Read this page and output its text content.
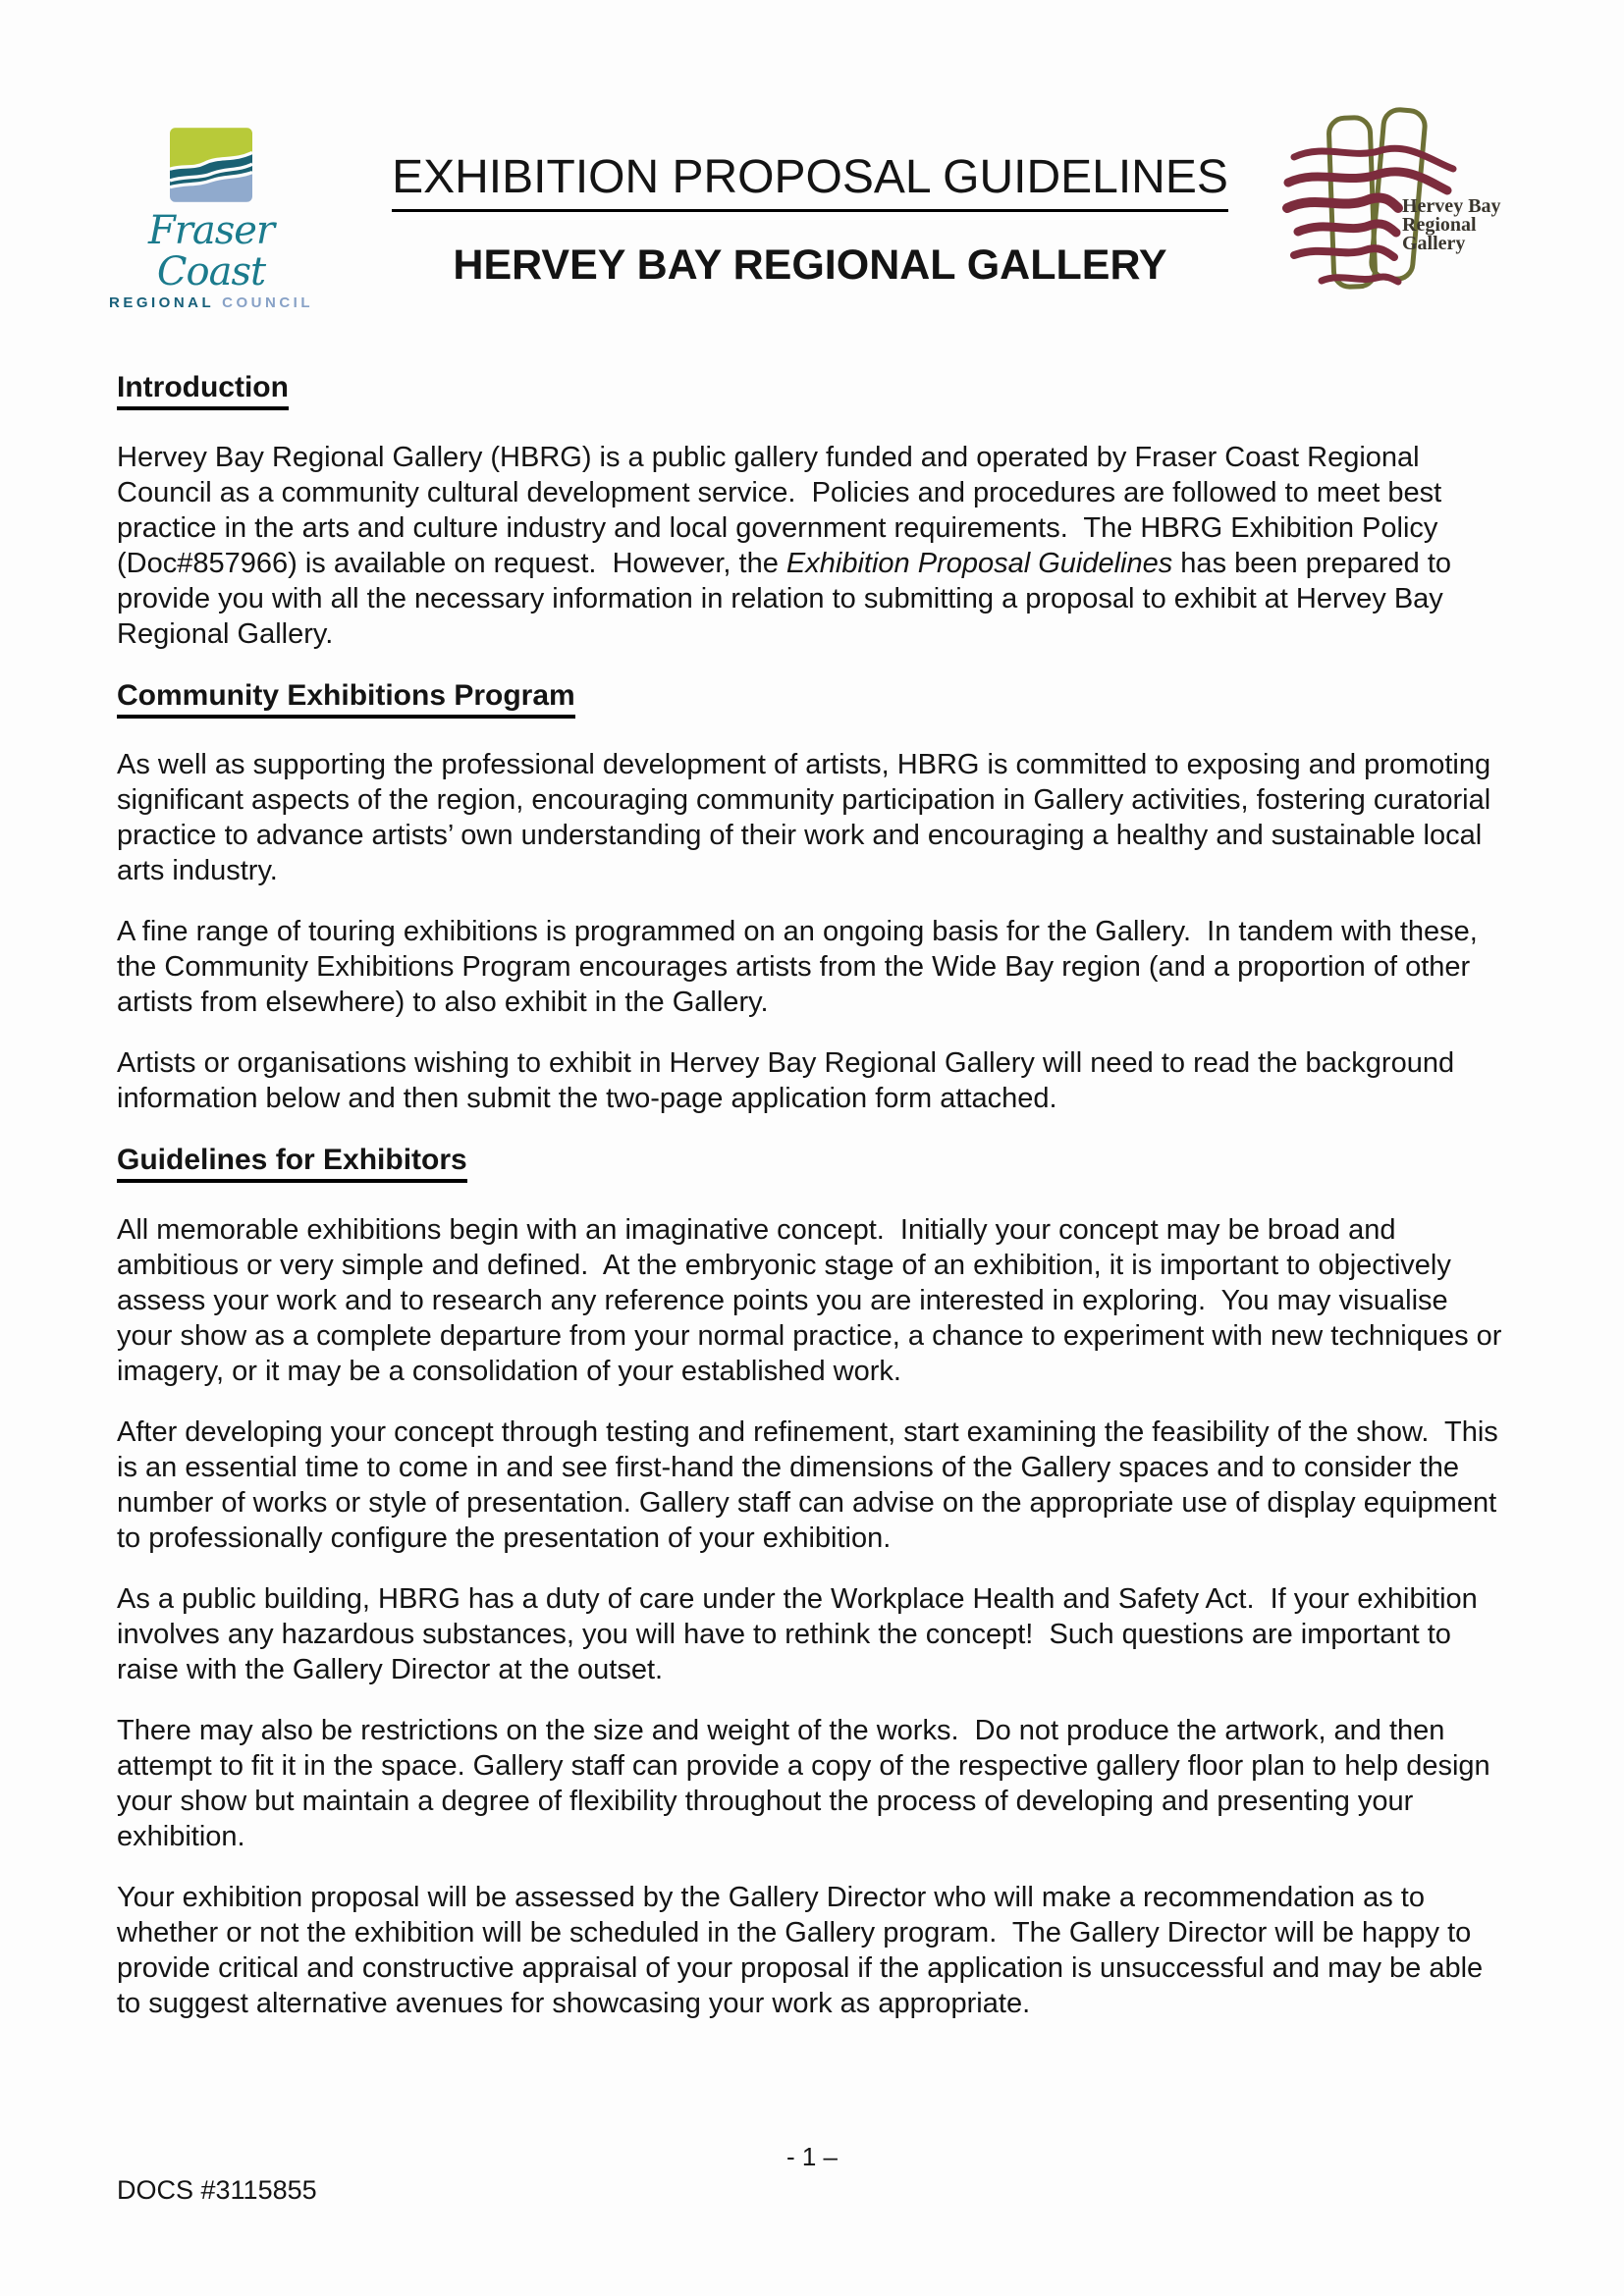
Fraser Coast
REGIONAL COUNCIL
EXHIBITION PROPOSAL GUIDELINES
HERVEY BAY REGIONAL GALLERY
Hervey Bay
Regional
Gallery
Introduction

Hervey Bay Regional Gallery (HBRG) is a public gallery funded and operated by Fraser Coast Regional Council as a community cultural development service.  Policies and procedures are followed to meet best practice in the arts and culture industry and local government requirements.  The HBRG Exhibition Policy (Doc#857966) is available on request.  However, the Exhibition Proposal Guidelines has been prepared to provide you with all the necessary information in relation to submitting a proposal to exhibit at Hervey Bay Regional Gallery.

Community Exhibitions Program

As well as supporting the professional development of artists, HBRG is committed to exposing and promoting significant aspects of the region, encouraging community participation in Gallery activities, fostering curatorial practice to advance artists’ own understanding of their work and encouraging a healthy and sustainable local arts industry.

A fine range of touring exhibitions is programmed on an ongoing basis for the Gallery.  In tandem with these, the Community Exhibitions Program encourages artists from the Wide Bay region (and a proportion of other artists from elsewhere) to also exhibit in the Gallery.

Artists or organisations wishing to exhibit in Hervey Bay Regional Gallery will need to read the background information below and then submit the two-page application form attached.

Guidelines for Exhibitors

All memorable exhibitions begin with an imaginative concept.  Initially your concept may be broad and ambitious or very simple and defined.  At the embryonic stage of an exhibition, it is important to objectively assess your work and to research any reference points you are interested in exploring.  You may visualise your show as a complete departure from your normal practice, a chance to experiment with new techniques or imagery, or it may be a consolidation of your established work.

After developing your concept through testing and refinement, start examining the feasibility of the show.  This is an essential time to come in and see first-hand the dimensions of the Gallery spaces and to consider the number of works or style of presentation. Gallery staff can advise on the appropriate use of display equipment to professionally configure the presentation of your exhibition.

As a public building, HBRG has a duty of care under the Workplace Health and Safety Act.  If your exhibition involves any hazardous substances, you will have to rethink the concept!  Such questions are important to raise with the Gallery Director at the outset.

There may also be restrictions on the size and weight of the works.  Do not produce the artwork, and then attempt to fit it in the space. Gallery staff can provide a copy of the respective gallery floor plan to help design your show but maintain a degree of flexibility throughout the process of developing and presenting your exhibition.

Your exhibition proposal will be assessed by the Gallery Director who will make a recommendation as to whether or not the exhibition will be scheduled in the Gallery program.  The Gallery Director will be happy to provide critical and constructive appraisal of your proposal if the application is unsuccessful and may be able to suggest alternative avenues for showcasing your work as appropriate.

- 1 –
DOCS #3115855
